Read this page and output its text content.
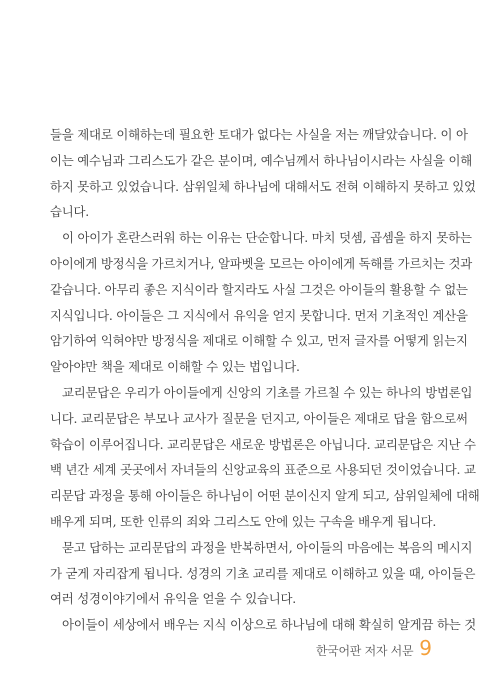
들을 제대로 이해하는데 필요한 토대가 없다는 사실을 저는 깨달았습니다. 이 아
이는 예수님과 그리스도가 같은 분이며, 예수님께서 하나님이시라는 사실을 이해
하지 못하고 있었습니다. 삼위일체 하나님에 대해서도 전혀 이해하지 못하고 있었
습니다.
이 아이가 혼란스러워 하는 이유는 단순합니다. 마치 덧셈, 곱셈을 하지 못하는
아이에게 방정식을 가르치거나, 알파벳을 모르는 아이에게 독해를 가르치는 것과
같습니다. 아무리 좋은 지식이라 할지라도 사실 그것은 아이들의 활용할 수 없는
지식입니다. 아이들은 그 지식에서 유익을 얻지 못합니다. 먼저 기초적인 계산을
암기하여 익혀야만 방정식을 제대로 이해할 수 있고, 먼저 글자를 어떻게 읽는지
알아야만 책을 제대로 이해할 수 있는 법입니다.
교리문답은 우리가 아이들에게 신앙의 기초를 가르칠 수 있는 하나의 방법론입
니다. 교리문답은 부모나 교사가 질문을 던지고, 아이들은 제대로 답을 함으로써
학습이 이루어집니다. 교리문답은 새로운 방법론은 아닙니다. 교리문답은 지난 수
백 년간 세계 곳곳에서 자녀들의 신앙교육의 표준으로 사용되던 것이었습니다. 교
리문답 과정을 통해 아이들은 하나님이 어떤 분이신지 알게 되고, 삼위일체에 대해
배우게 되며, 또한 인류의 죄와 그리스도 안에 있는 구속을 배우게 됩니다.
묻고 답하는 교리문답의 과정을 반복하면서, 아이들의 마음에는 복음의 메시지
가 굳게 자리잡게 됩니다. 성경의 기초 교리를 제대로 이해하고 있을 때, 아이들은
여러 성경이야기에서 유익을 얻을 수 있습니다.
아이들이 세상에서 배우는 지식 이상으로 하나님에 대해 확실히 알게끔 하는 것
한국어판 저자 서문 9
